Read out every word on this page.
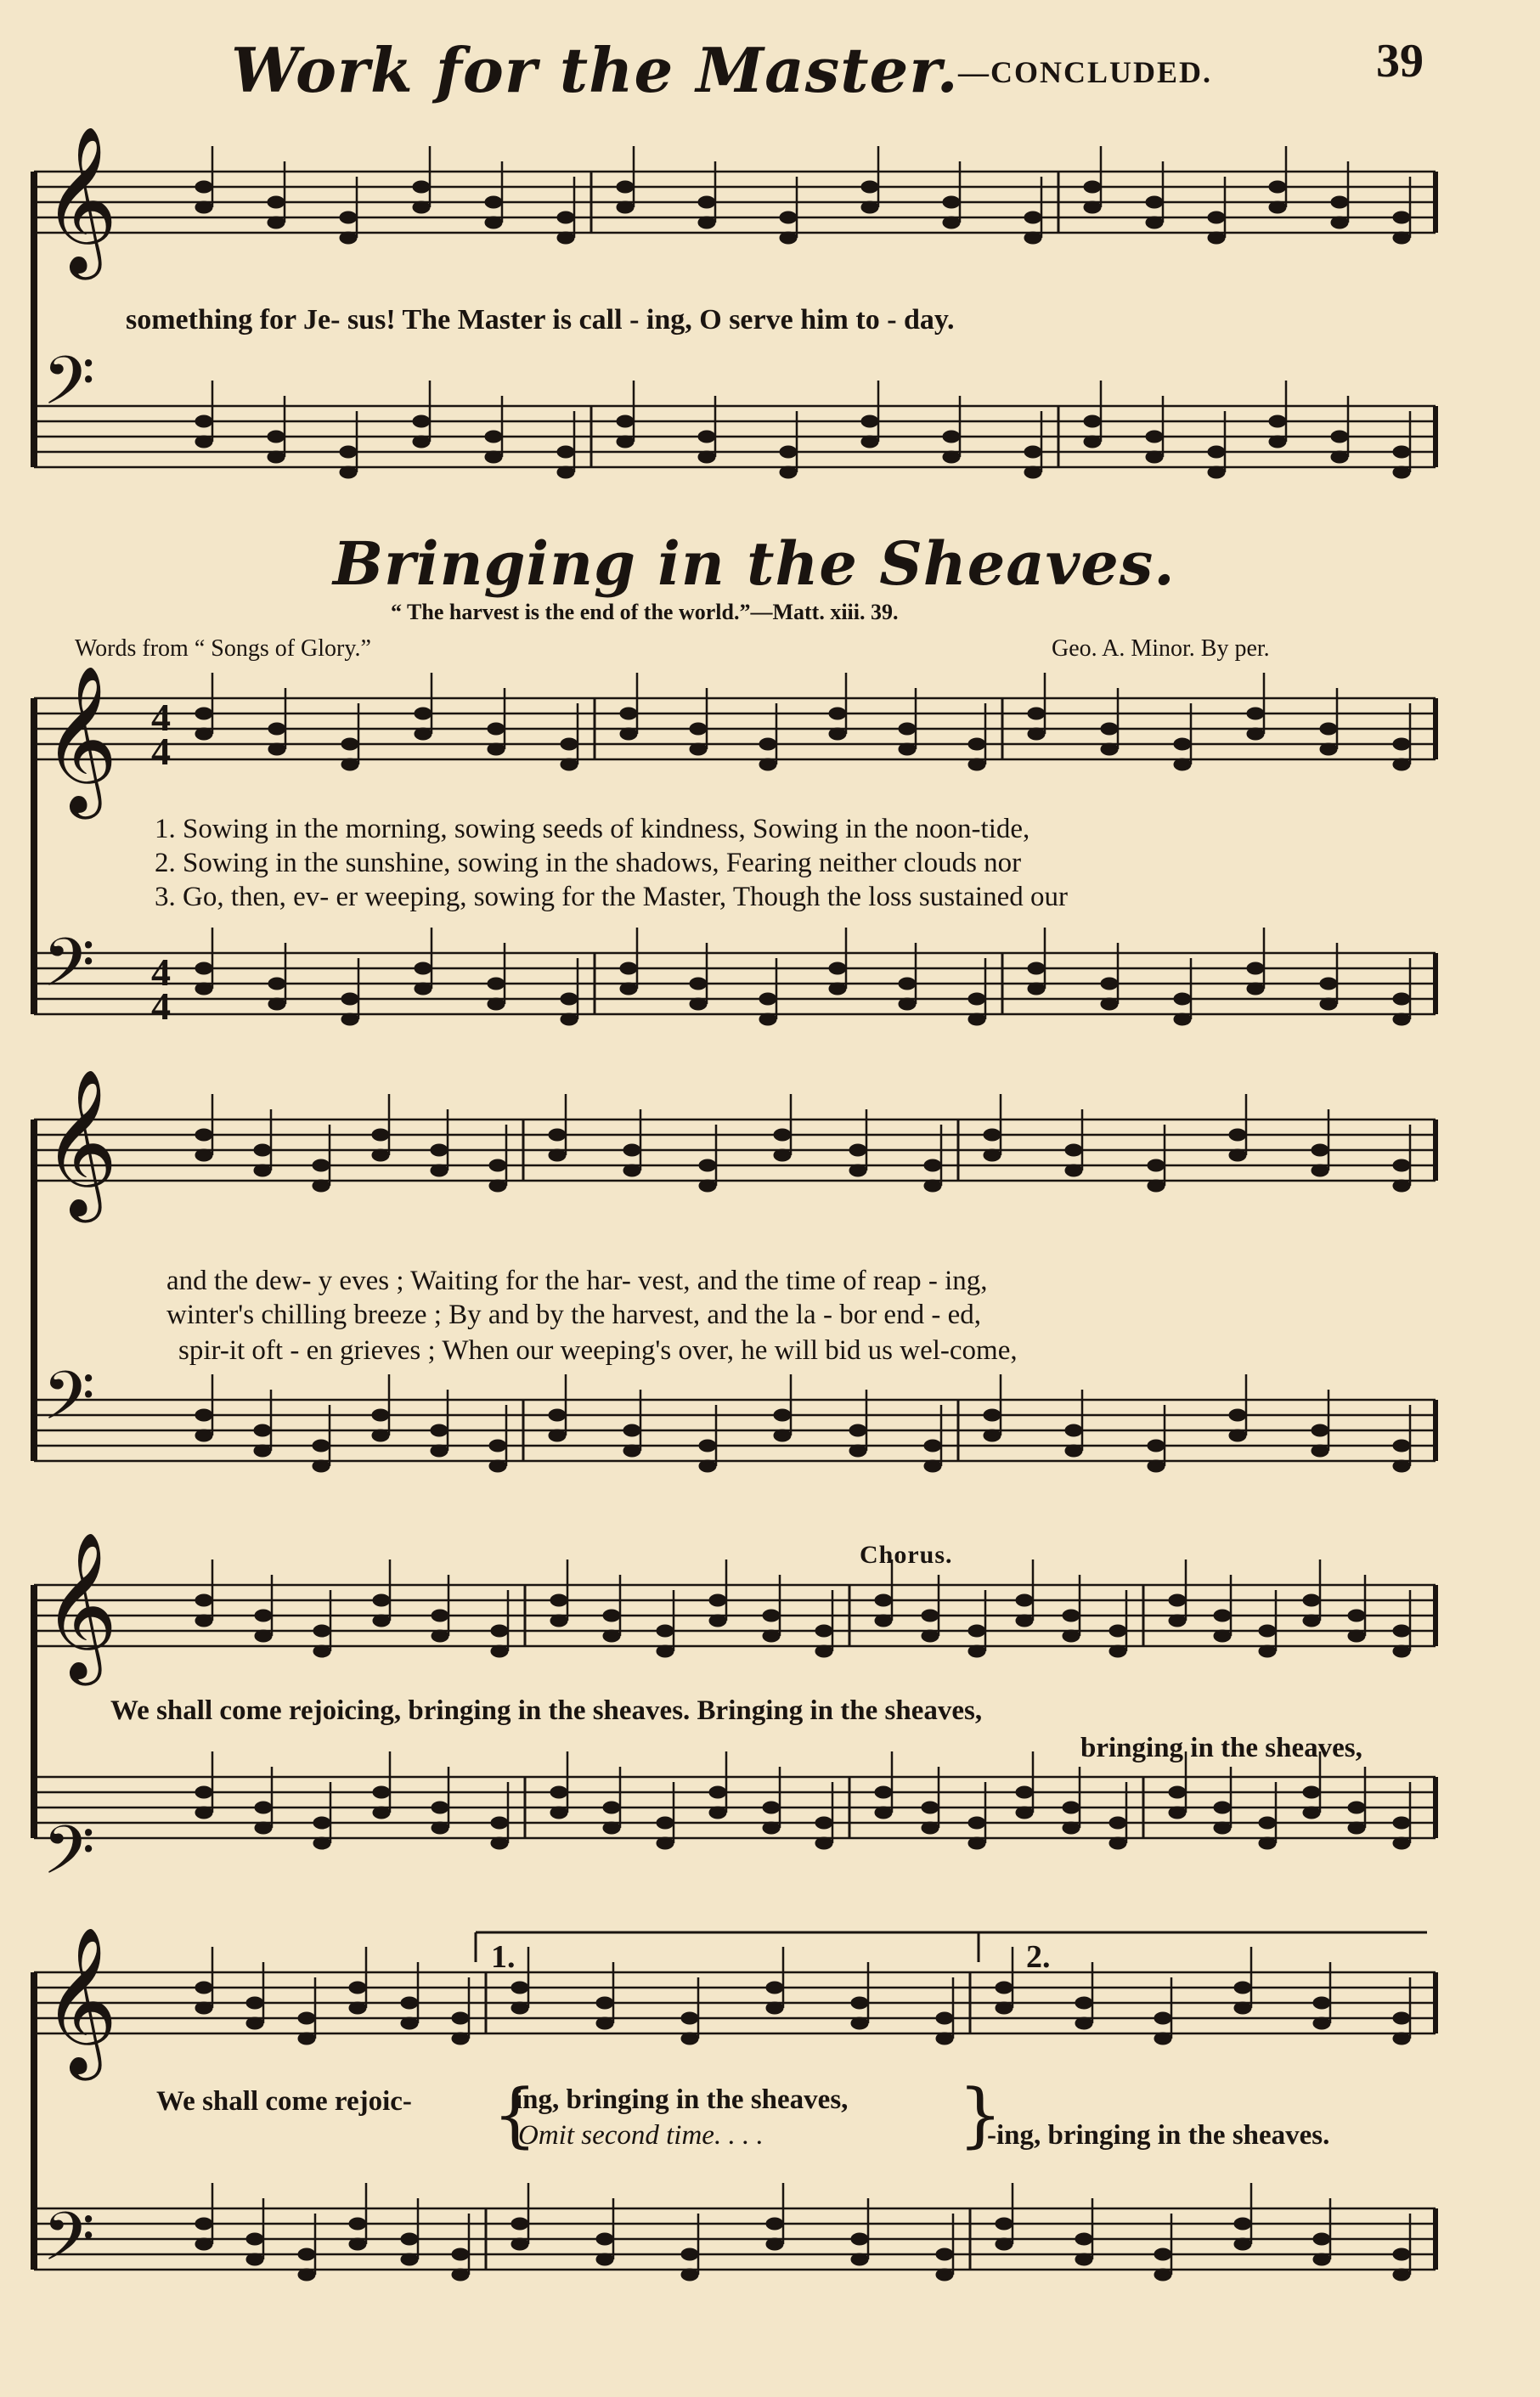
Work for the Master. —CONCLUDED.	39
𝄞
𝄢
𝄞
𝄢
𝄞
𝄢
𝄞
𝄢
𝄞
𝄢
4
4
4
4
something for Je- sus! The Master is call - ing, O serve him to - day.
Bringing in the Sheaves.
“ The harvest is the end of the world.”—Matt. xiii. 39.
Words from “ Songs of Glory.”	Geo. A. Minor. By per.
1. Sowing in the morning, sowing seeds of kindness, Sowing in the noon-tide,
2. Sowing in the sunshine, sowing in the shadows, Fearing neither clouds nor
3. Go, then, ev- er weeping, sowing for the Master, Though the loss sustained our
and the dew- y eves ; Waiting for the har- vest, and the time of reap - ing,
winter's chilling breeze ; By and by the harvest, and the la - bor end - ed,
spir-it oft - en grieves ; When our weeping's over, he will bid us wel-come,
Chorus.
We shall come rejoicing, bringing in the sheaves. Bringing in the sheaves,
bringing in the sheaves,
1.	2.
We shall come rejoic-	ing, bringing in the sheaves,
Omit second time. . . .	-ing, bringing in the sheaves.
{	}
